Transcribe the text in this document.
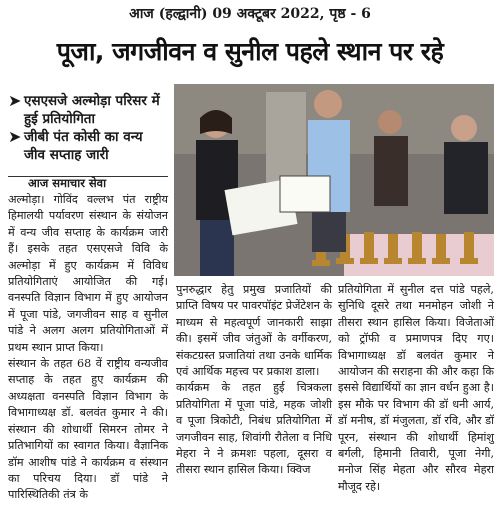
आज (हल्द्वानी) 09 अक्टूबर 2022, पृष्ठ - 6
पूजा, जगजीवन व सुनील पहले स्थान पर रहे
➤ एसएसजे अल्मोड़ा परिसर में हुई प्रतियोगिता
➤ जीबी पंत कोसी का वन्य जीव सप्ताह जारी
आज समाचार सेवा

अल्मोड़ा। गोविंद वल्लभ पंत राष्ट्रीय हिमालयी पर्यावरण संस्थान के संयोजन में वन्य जीव सप्ताह के कार्यक्रम जारी हैं। इसके तहत एसएसजे विवि के अल्मोड़ा में हुए कार्यक्रम में विविध प्रतियोगिताएं आयोजित की गई। वनस्पति विज्ञान विभाग में हुए आयोजन में पूजा पांडे, जगजीवन साह व सुनील पांडे ने अलग अलग प्रतियोगिताओं में प्रथम स्थान प्राप्त किया।

संस्थान के तहत 68 वें राष्ट्रीय वन्यजीव सप्ताह के तहत हुए कार्यक्रम की अध्यक्षता वनस्पति विज्ञान विभाग के विभागाध्यक्ष डॉ. बलवंत कुमार ने की। संस्थान की शोधार्थी सिमरन तोमर ने प्रतिभागियों का स्वागत किया। वैज्ञानिक डॉम आशीष पांडे ने कार्यक्रम व संस्थान का परिचय दिया। डॉ पांडे ने पारिस्थितिकी तंत्र के

पुनरुद्धार हेतु प्रमुख प्रजातियों की प्राप्ति विषय पर पावरपॉइंट प्रेजेंटेशन के माध्यम से महत्वपूर्ण जानकारी साझा की। इसमें जीव जंतुओं के वर्गीकरण, संकटग्रस्त प्रजातियां तथा उनके धार्मिक एवं आर्थिक महत्त्व पर प्रकाश डाला।

कार्यक्रम के तहत हुई चित्रकला प्रतियोगिता में पूजा पांडे, महक जोशी व पूजा त्रिकोटी, निबंध प्रतियोगिता में जगजीवन साह, शिवांगी रौतेला व निधि मेहरा ने ने क्रमशः पहला, दूसरा व तीसरा स्थान हासिल किया। क्विज

प्रतियोगिता में सुनील दत्त पांडे पहले, सुनिधि दूसरे तथा मनमोहन जोशी ने तीसरा स्थान हासिल किया। विजेताओं को ट्रॉफी व प्रमाणपत्र दिए गए। विभागाध्यक्ष डॉ बलवंत कुमार ने आयोजन की सराहना की और कहा कि इससे विद्यार्थियों का ज्ञान वर्धन हुआ है। इस मौके पर विभाग की डॉ धनी आर्य, डॉ मनीष, डॉ मंजुलता, डॉ रवि, और डॉ पूरन, संस्थान की शोधार्थी हिमांशु बर्गली, हिमानी तिवारी, पूजा नेगी, मनोज सिंह मेहता और सौरव मेहरा मौजूद रहे।
